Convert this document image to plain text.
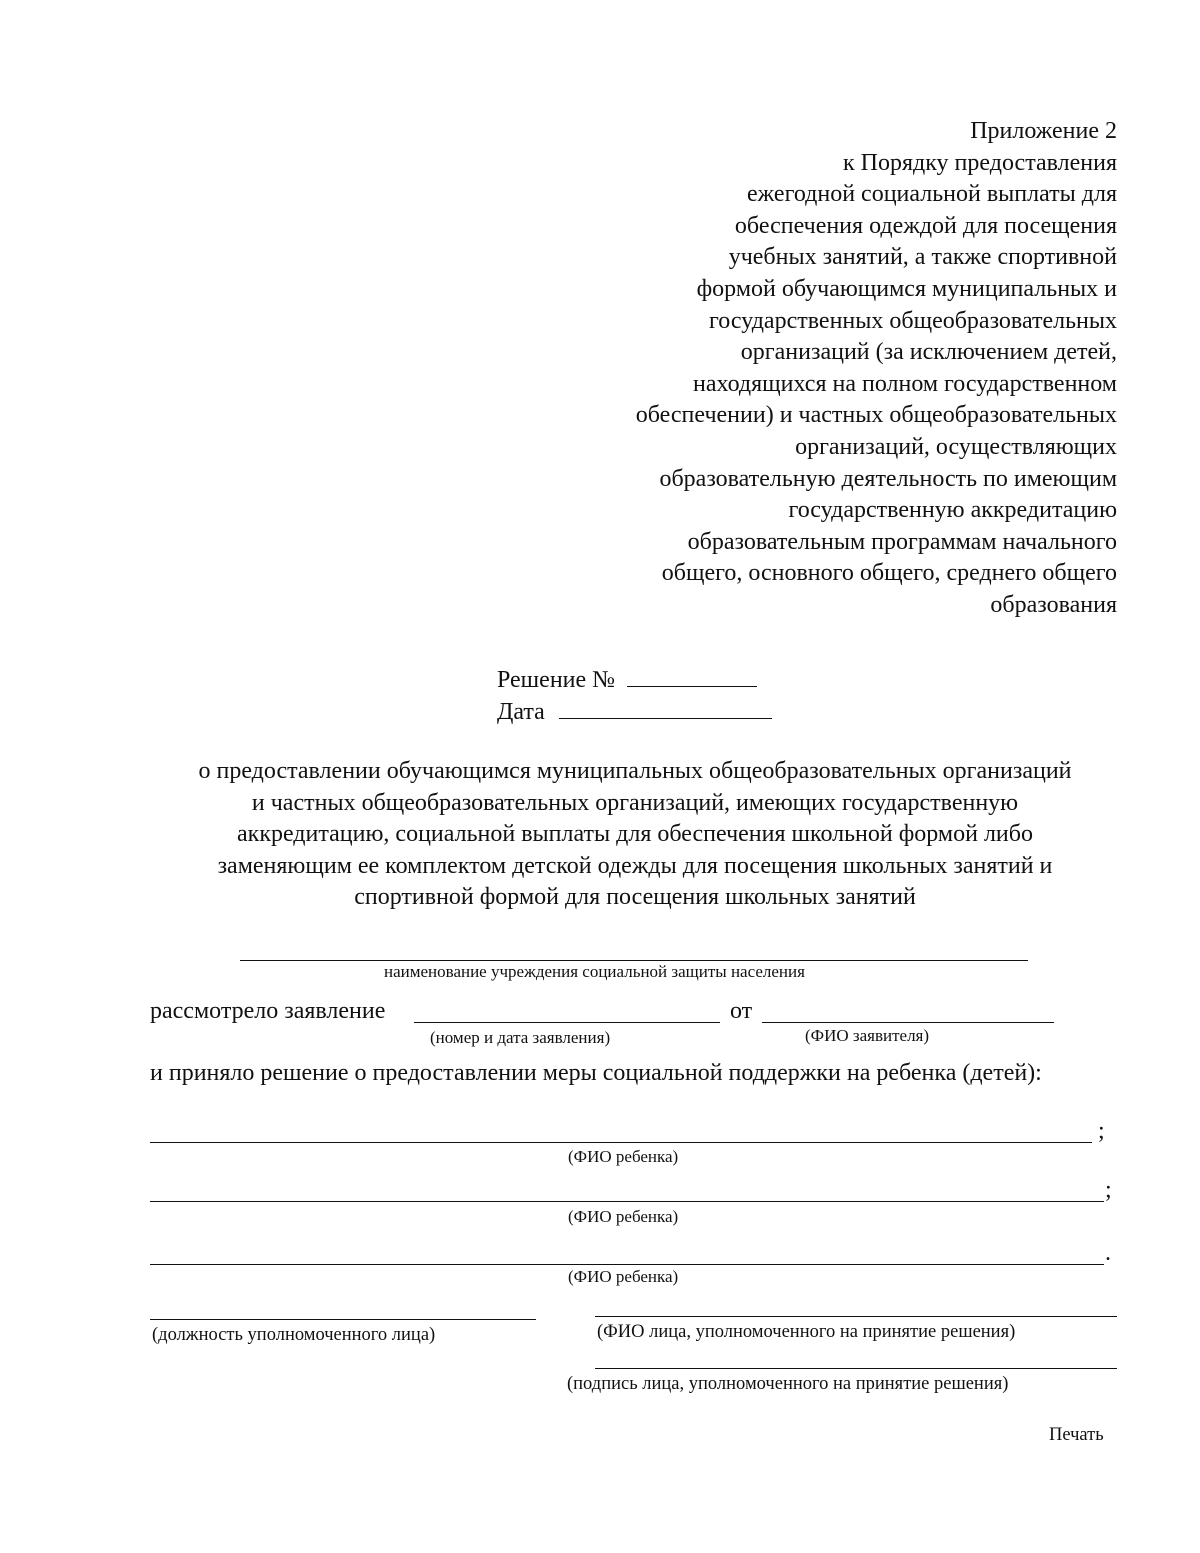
Приложение 2
к Порядку предоставления
ежегодной социальной выплаты для
обеспечения одеждой для посещения
учебных занятий, а также спортивной
формой обучающимся муниципальных и
государственных общеобразовательных
организаций (за исключением детей,
находящихся на полном государственном
обеспечении) и частных общеобразовательных
организаций, осуществляющих
образовательную деятельность по имеющим
государственную аккредитацию
образовательным программам начального
общего, основного общего, среднего общего
образования
Решение №
Дата
о предоставлении обучающимся муниципальных общеобразовательных организаций
и частных общеобразовательных организаций, имеющих государственную
аккредитацию, социальной выплаты для обеспечения школьной формой либо
заменяющим ее комплектом детской одежды для посещения школьных занятий и
спортивной формой для посещения школьных занятий
наименование учреждения социальной защиты населения
рассмотрело заявление	от
(номер и дата заявления)	(ФИО заявителя)
и приняло решение о предоставлении меры социальной поддержки на ребенка (детей):
;
(ФИО ребенка)
;
(ФИО ребенка)
.
(ФИО ребенка)
(должность уполномоченного лица)	(ФИО лица, уполномоченного на принятие решения)
(подпись лица, уполномоченного на принятие решения)
Печать
